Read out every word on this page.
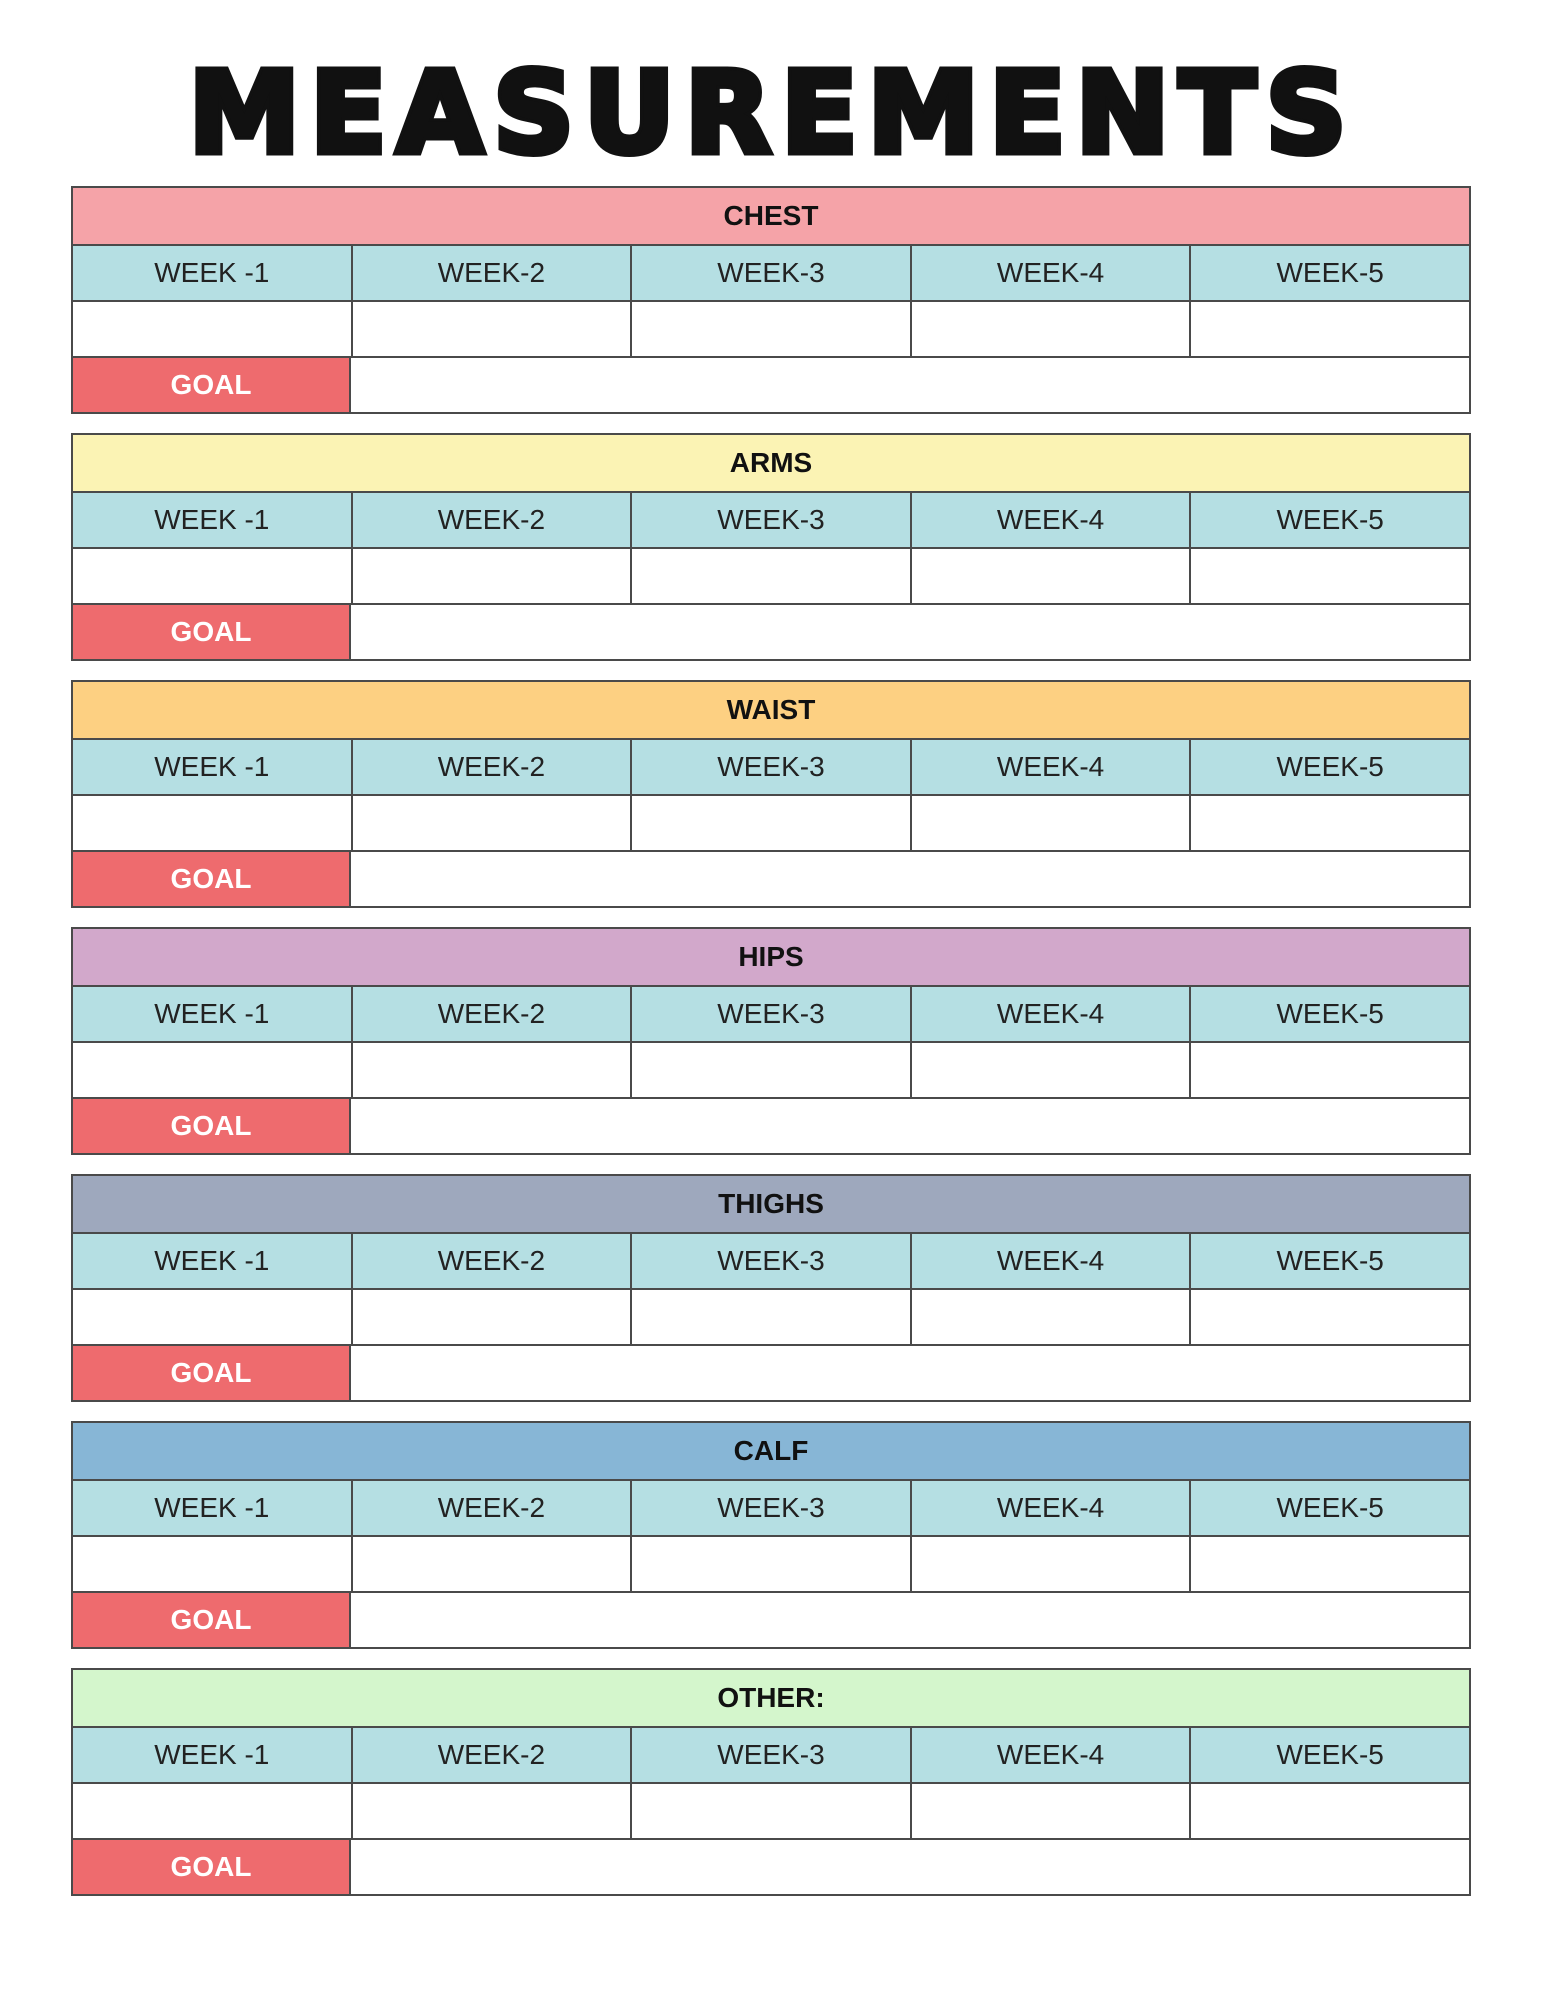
MEASUREMENTS
CHEST
WEEK -1	WEEK-2	WEEK-3	WEEK-4	WEEK-5
GOAL
ARMS
WEEK -1	WEEK-2	WEEK-3	WEEK-4	WEEK-5
GOAL
WAIST
WEEK -1	WEEK-2	WEEK-3	WEEK-4	WEEK-5
GOAL
HIPS
WEEK -1	WEEK-2	WEEK-3	WEEK-4	WEEK-5
GOAL
THIGHS
WEEK -1	WEEK-2	WEEK-3	WEEK-4	WEEK-5
GOAL
CALF
WEEK -1	WEEK-2	WEEK-3	WEEK-4	WEEK-5
GOAL
OTHER:
WEEK -1	WEEK-2	WEEK-3	WEEK-4	WEEK-5
GOAL
